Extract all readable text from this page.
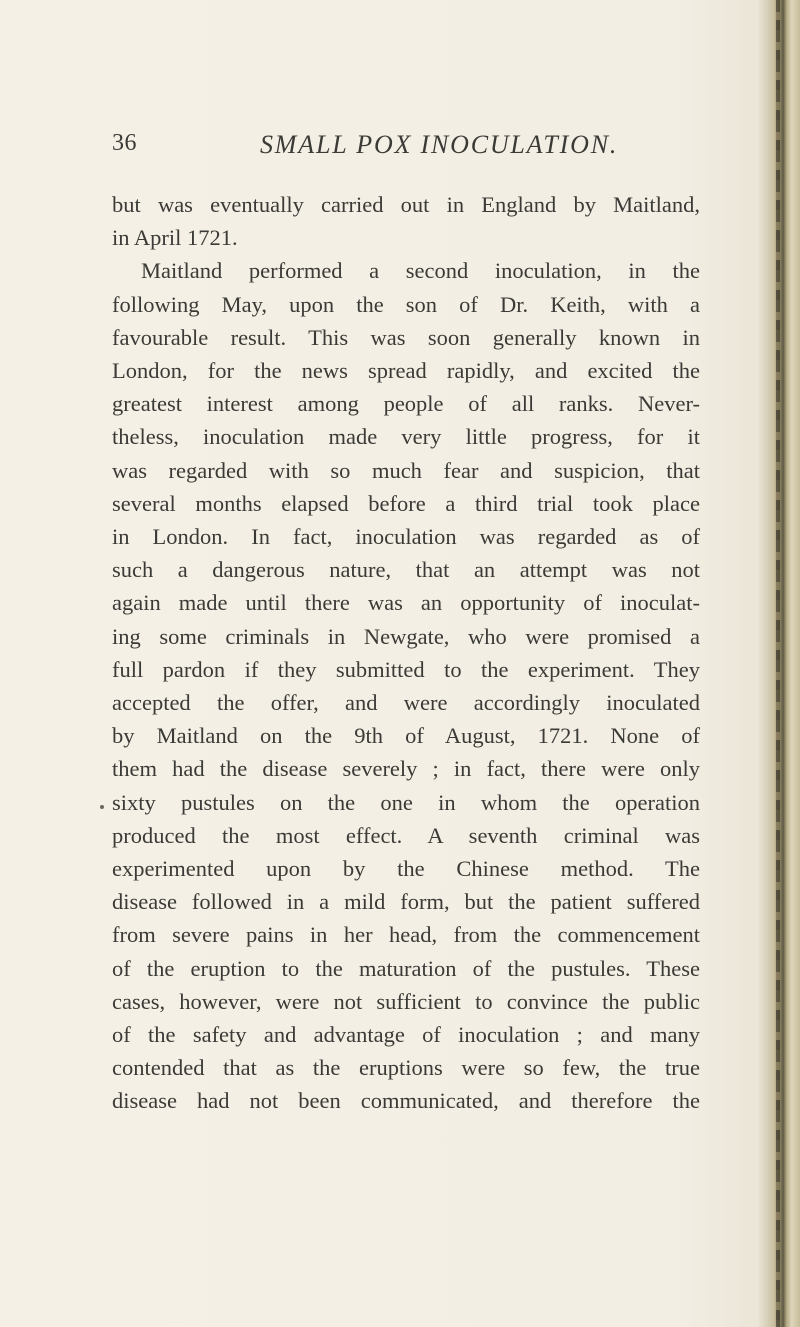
36	SMALL POX INOCULATION.
but was eventually carried out in England by Maitland,
in April 1721.
Maitland performed a second inoculation, in the
following May, upon the son of Dr. Keith, with a
favourable result. This was soon generally known in
London, for the news spread rapidly, and excited the
greatest interest among people of all ranks. Never-
theless, inoculation made very little progress, for it
was regarded with so much fear and suspicion, that
several months elapsed before a third trial took place
in London. In fact, inoculation was regarded as of
such a dangerous nature, that an attempt was not
again made until there was an opportunity of inoculat-
ing some criminals in Newgate, who were promised a
full pardon if they submitted to the experiment. They
accepted the offer, and were accordingly inoculated
by Maitland on the 9th of August, 1721. None of
them had the disease severely ; in fact, there were only
sixty pustules on the one in whom the operation
produced the most effect. A seventh criminal was
experimented upon by the Chinese method. The
disease followed in a mild form, but the patient suffered
from severe pains in her head, from the commencement
of the eruption to the maturation of the pustules. These
cases, however, were not sufficient to convince the public
of the safety and advantage of inoculation ; and many
contended that as the eruptions were so few, the true
disease had not been communicated, and therefore the
